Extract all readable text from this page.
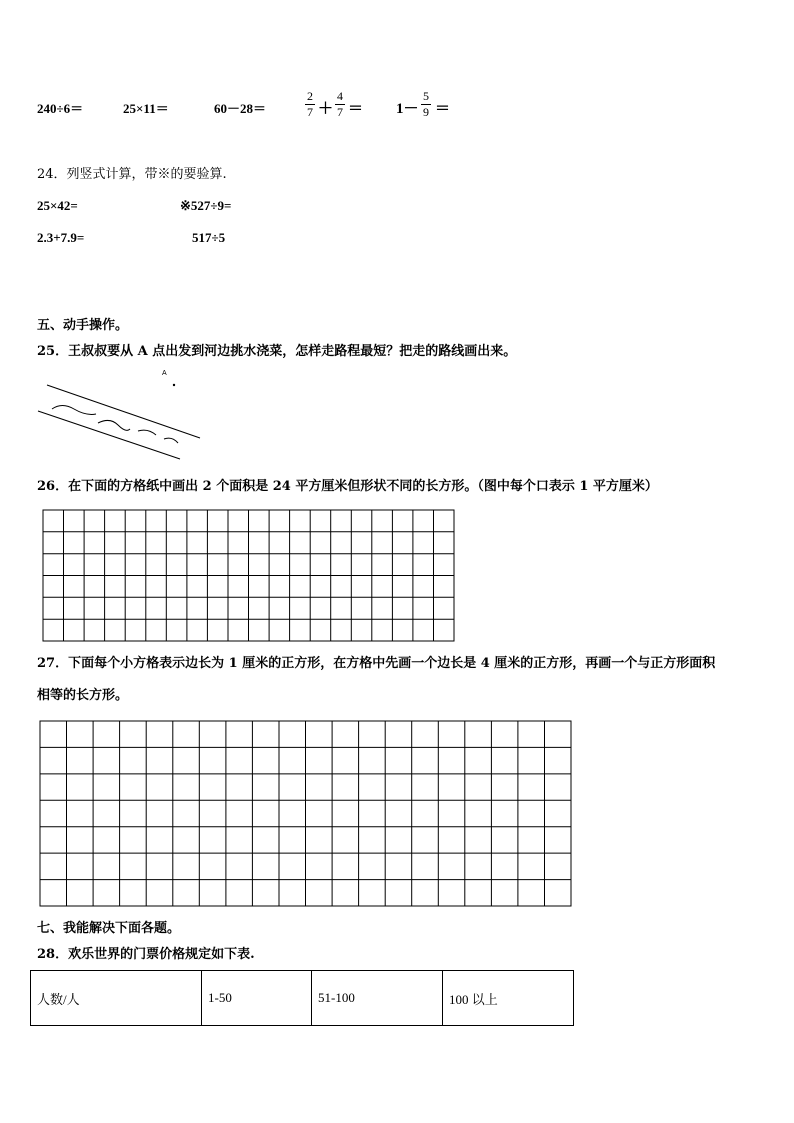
240÷6＝	25×11＝	60－28＝
2
7 ＋
4
7 ＝ 1－
5
9 ＝
24．列竖式计算，带※的要验算.
25×42=	※527÷9=
2.3+7.9=	517÷5
五、动手操作。
25．王叔叔要从 A 点出发到河边挑水浇菜，怎样走路程最短？把走的路线画出来。
A
26．在下面的方格纸中画出 2 个面积是 24 平方厘米但形状不同的长方形。（图中每个口表示 1 平方厘米）
27．下面每个小方格表示边长为 1 厘米的正方形，在方格中先画一个边长是 4 厘米的正方形，再画一个与正方形面积
相等的长方形。
七、我能解决下面各题。
28．欢乐世界的门票价格规定如下表.
人数/人	1-50	51-100	100 以上
